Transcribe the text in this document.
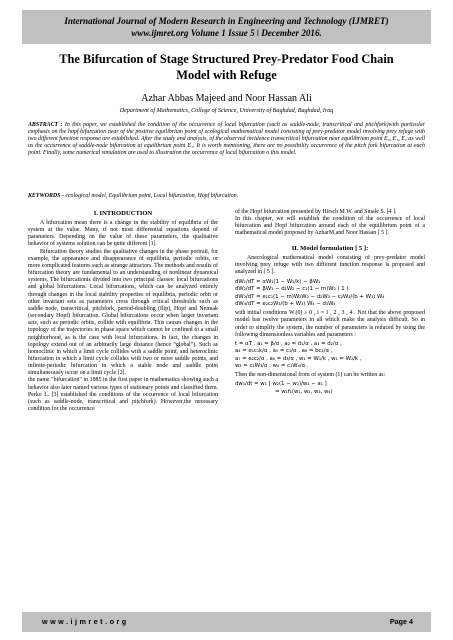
International Journal of Modern Research in Engineering and Technology (IJMRET)
www.ijmret.org Volume 1 Issue 5 ǀ December 2016.
The Bifurcation of Stage Structured Prey-Predator Food Chain
Model with Refuge
Azhar Abbas Majeed and Noor Hassan Ali
Department of Mathematics, College of Science, University of Baghdad, Baghdad, Iraq
ABSTRACT : In this paper, we established the condition of the occurrence of local bifurcation (such as saddle-node, transcritical and pitchfork)with particular emphasis on the hopf bifurcation near of the positive equilibrium point of ecological mathematical model consisting of prey-predator model involving prey refuge with two different function response are established. After the study and analysis, of the observed incidence transcritical bifurcation near equilibrium point E₀, E₁, E₂ as well as the occurrence of saddle-node bifurcation at equilibrium point E₃. It is worth mentioning, there are no possibility occurrence of the pitch fork bifurcation at each point. Finally, some numerical simulation are used to illustration the occurrence of local bifurcation o this model.
KEYWORDS - ecological model, Equilibrium point, Local bifurcation, Hopf bifurcation.
I. INTRODUCTION

A bifurcation mean there is a change in the stability of equilibria of the system at the value. Many, if not most differential equations depend of parameters. Depending on the value of these parameters, the qualitative behavior of systems solution can be quite different [1].

Bifurcation theory studies the qualitative changes in the phase portrait, for example, the appearance and disappearance of equilibria, periodic orbits, or more complicated features such as strange attractors. The methods and results of bifurcation theory are fundamental to an understanding of nonlinear dynamical systems. The bifurcationis divided into two principal classes: local bifurcations and global bifurcations. Local bifurcations, which can be analyzed entirely through changes in the local stability properties of equilibria, periodic orbit or other invariant sets as parameters cross through critical thresholds such as saddle node, transcritical, pitchfork, period-doubling (flip), Hopf and Neimak (secondary Hopf) bifurcation. Global bifurcations occur when larger invariant sets, such as periodic orbits, collide with equilibria. This causes changes in the topology of the trajectories in phase space which cannot be confined to a small neighborhood, as is the case with local bifurcations. In fact, the changes in topology extend out of an arbitrarily large distance (hence “global”). Such as homoclinic in which a limit cycle collides with a saddle point, and heteroclinic bifurcation in which a limit cycle collides with two or more saddle points, and infinite-periodic bifurcation in which a stable node and saddle point simultaneously occur on a limit cycle [2].

the name "bifurcation" in 1885 in the first paper in mathematics showing such a behavior also later named various types of stationary points and classified them. Perko L. [3] established the conditions of the occurrence of local bifurcation (such as saddle-node, transcritical and pitchfork). However,the necessary condition for the occurrence

of the Hopf bifurcation presented by Hirsch M.W. and Smale S. [4 ].

In this chapter, we will establish the condition of the occurrence of local bifurcation and Hopf bifurcation around each of the equilibrium point of a mathematical model proposed by AzharM,and Noor Hassan [ 5 ].

II. Model formulation [ 5 ]:

Anecological mathematical model consisting of prey-predator model involving prey refuge with two different function response is proposed and analyzed in [ 5 ].

dW₁/dT = αW₁(1 − W₂/k) − βW₁
dW₂/dT = βW₁ − d₁W₂ − c₁(1 − m)W₂ ( 1 )
dW₃/dT = e₁c₁(1 − m)W₂W₃ − d₂W₃ − c₂W₃/(b + W₃) W₄
dW₄/dT = e₂c₂W₃/(b + W₃) W₄ − d₃W₄

with initial conditions Wᵢ(0) ≥ 0 , i = 1 , 2 , 3 , 4 . Not that the above proposed model has twelve parameters in all which make the analysis difficult. So in order to simplify the system, the number of parameters is reduced by using the following dimensionless variables and parameters :

t = αT , a₁ = β/α , a₂ = d₁/α , a₃ = d₂/α ,
a₄ = e₁c₁k/α , a₅ = c₁/α , a₆ = bc₁/α ,
a₇ = e₂c₂/α , a₈ = d₃/α , w₁ = W₁/k , w₂ = W₂/k ,
w₃ = c₁W₃/α , w₄ = c₁W₄/α .

Then the non-dimensional from of system (1) can be written as:

dw₁/dt = w₁ [ w₂(1 − w₂)/w₁ − a₁ ]
= w₁f₁(w₁, w₂, w₃, w₄)
www.ijmret.org	Page 4
